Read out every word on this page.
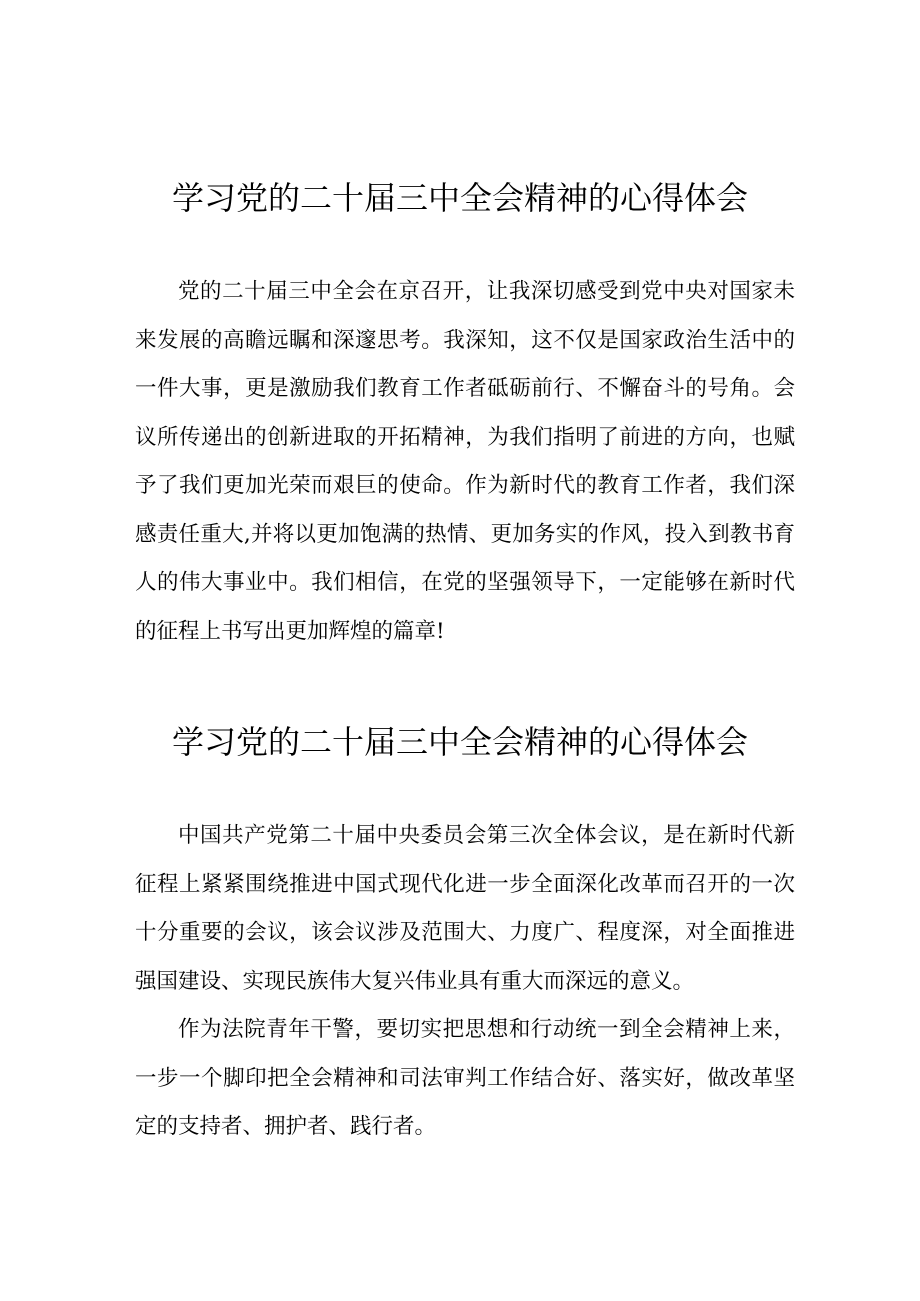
学习党的二十届三中全会精神的心得体会

党的二十届三中全会在京召开，让我深切感受到党中央对国家未来发展的高瞻远瞩和深邃思考。我深知，这不仅是国家政治生活中的一件大事，更是激励我们教育工作者砥砺前行、不懈奋斗的号角。会议所传递出的创新进取的开拓精神，为我们指明了前进的方向，也赋予了我们更加光荣而艰巨的使命。作为新时代的教育工作者，我们深感责任重大,并将以更加饱满的热情、更加务实的作风，投入到教书育人的伟大事业中。我们相信，在党的坚强领导下，一定能够在新时代的征程上书写出更加辉煌的篇章!

学习党的二十届三中全会精神的心得体会

中国共产党第二十届中央委员会第三次全体会议，是在新时代新征程上紧紧围绕推进中国式现代化进一步全面深化改革而召开的一次十分重要的会议，该会议涉及范围大、力度广、程度深，对全面推进强国建设、实现民族伟大复兴伟业具有重大而深远的意义。

作为法院青年干警，要切实把思想和行动统一到全会精神上来，一步一个脚印把全会精神和司法审判工作结合好、落实好，做改革坚定的支持者、拥护者、践行者。
